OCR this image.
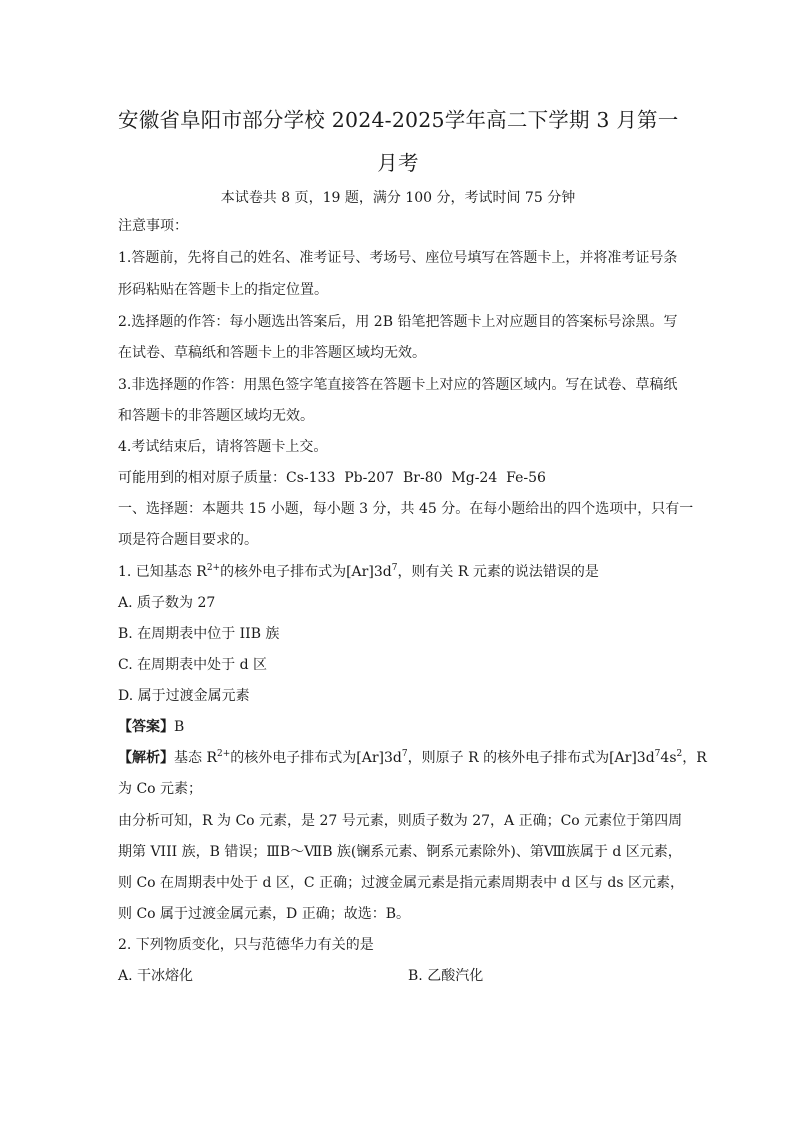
安徽省阜阳市部分学校 2024-2025学年高二下学期 3 月第一
月考
本试卷共 8 页，19 题，满分 100 分，考试时间 75 分钟
注意事项：
1.答题前，先将自己的姓名、准考证号、考场号、座位号填写在答题卡上，并将准考证号条
形码粘贴在答题卡上的指定位置。
2.选择题的作答：每小题选出答案后，用 2B 铅笔把答题卡上对应题目的答案标号涂黑。写
在试卷、草稿纸和答题卡上的非答题区域均无效。
3.非选择题的作答：用黑色签字笔直接答在答题卡上对应的答题区域内。写在试卷、草稿纸
和答题卡的非答题区域均无效。
4.考试结束后，请将答题卡上交。
可能用到的相对原子质量：Cs-133  Pb-207  Br-80  Mg-24  Fe-56
一、选择题：本题共 15 小题，每小题 3 分，共 45 分。在每小题给出的四个选项中，只有一
项是符合题目要求的。
1. 已知基态 $R^{2+}$的核外电子排布式为$[Ar]3d^7$，则有关 R 元素的说法错误的是
A. 质子数为 27
B. 在周期表中位于 IIB 族
C. 在周期表中处于 d 区
D. 属于过渡金属元素
【答案】B
【解析】基态 $R^{2+}$的核外电子排布式为$[Ar]3d^7$，则原子 R 的核外电子排布式为$[Ar]3d^74s^2$，R
为 Co 元素；
由分析可知，R 为 Co 元素，是 27 号元素，则质子数为 27，A 正确；Co 元素位于第四周
期第 VIII 族，B 错误；ⅢB～ⅦB 族(镧系元素、锕系元素除外)、第Ⅷ族属于 d 区元素，
则 Co 在周期表中处于 d 区，C 正确；过渡金属元素是指元素周期表中 d 区与 ds 区元素，
则 Co 属于过渡金属元素，D 正确；故选：B。
2. 下列物质变化，只与范德华力有关的是
A. 干冰熔化	B. 乙酸汽化
